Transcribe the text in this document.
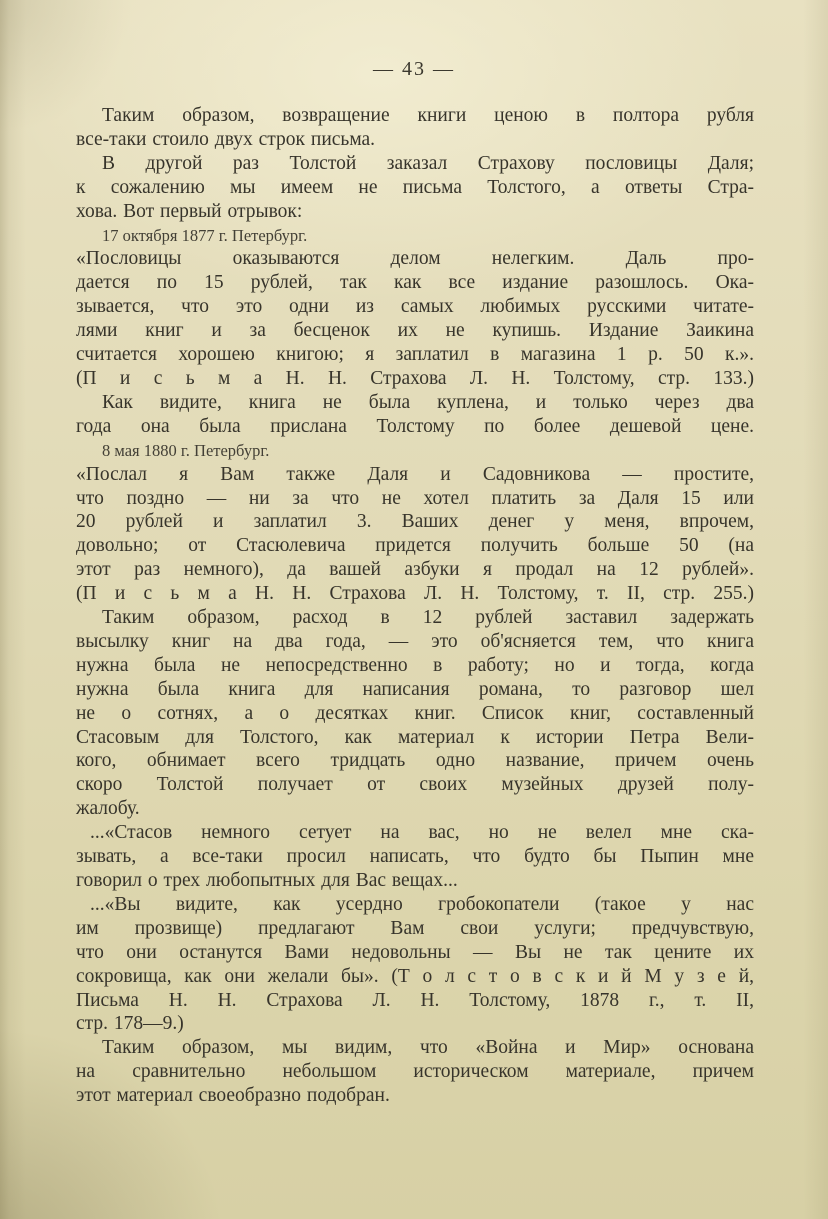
— 43 —
Таким образом, возвращение книги ценою в полтора рубля
все-таки стоило двух строк письма.
В другой раз Толстой заказал Страхову пословицы Даля;
к сожалению мы имеем не письма Толстого, а ответы Стра-
хова. Вот первый отрывок:
17 октября 1877 г. Петербург.
«Пословицы оказываются делом нелегким. Даль про-
дается по 15 рублей, так как все издание разошлось. Ока-
зывается, что это одни из самых любимых русскими читате-
лями книг и за бесценок их не купишь. Издание Заикина
считается хорошею книгою; я заплатил в магазина 1 р. 50 к.».
(П и с ь м а Н. Н. Страхова Л. Н. Толстому, стр. 133.)
Как видите, книга не была куплена, и только через два
года она была прислана Толстому по более дешевой цене.
8 мая 1880 г. Петербург.
«Послал я Вам также Даля и Садовникова — простите,
что поздно — ни за что не хотел платить за Даля 15 или
20 рублей и заплатил 3. Ваших денег у меня, впрочем,
довольно; от Стасюлевича придется получить больше 50 (на
этот раз немного), да вашей азбуки я продал на 12 рублей».
(П и с ь м а Н. Н. Страхова Л. Н. Толстому, т. II, стр. 255.)
Таким образом, расход в 12 рублей заставил задержать
высылку книг на два года, — это об'ясняется тем, что книга
нужна была не непосредственно в работу; но и тогда, когда
нужна была книга для написания романа, то разговор шел
не о сотнях, а о десятках книг. Список книг, составленный
Стасовым для Толстого, как материал к истории Петра Вели-
кого, обнимает всего тридцать одно название, причем очень
скоро Толстой получает от своих музейных друзей полу-
жалобу.
...«Стасов немного сетует на вас, но не велел мне ска-
зывать, а все-таки просил написать, что будто бы Пыпин мне
говорил о трех любопытных для Вас вещах...
...«Вы видите, как усердно гробокопатели (такое у нас
им прозвище) предлагают Вам свои услуги; предчувствую,
что они останутся Вами недовольны — Вы не так цените их
сокровища, как они желали бы». (Т о л с т о в с к и й М у з е й,
Письма Н. Н. Страхова Л. Н. Толстому, 1878 г., т. II,
стр. 178—9.)
Таким образом, мы видим, что «Война и Мир» основана
на сравнительно небольшом историческом материале, причем
этот материал своеобразно подобран.
